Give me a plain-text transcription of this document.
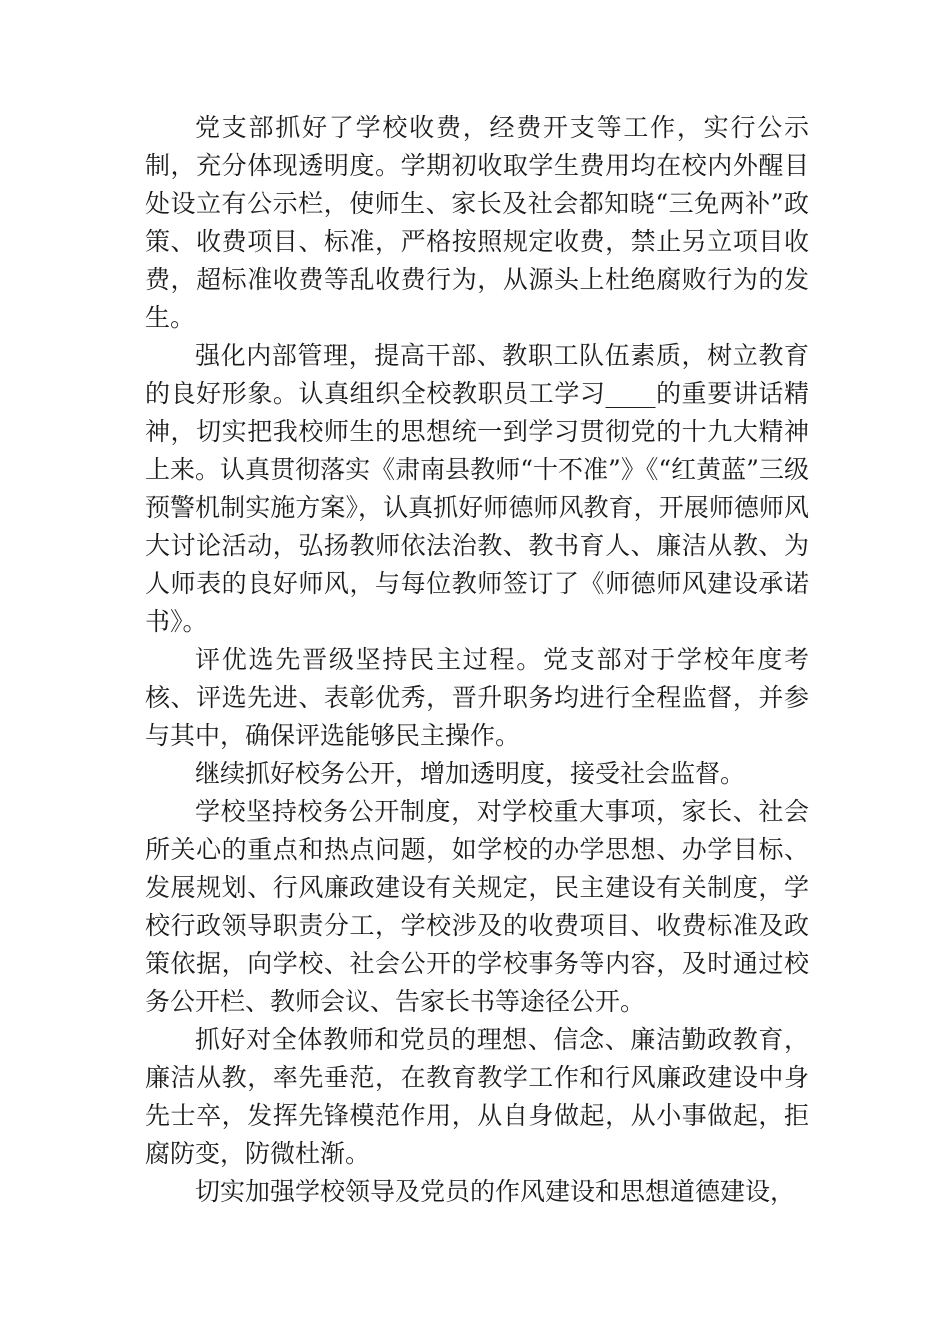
党支部抓好了学校收费，经费开支等工作，实行公示制，充分体现透明度。学期初收取学生费用均在校内外醒目处设立有公示栏，使师生、家长及社会都知晓“三免两补”政策、收费项目、标准，严格按照规定收费，禁止另立项目收费，超标准收费等乱收费行为，从源头上杜绝腐败行为的发生。

强化内部管理，提高干部、教职工队伍素质，树立教育的良好形象。认真组织全校教职员工学习____的重要讲话精神，切实把我校师生的思想统一到学习贯彻党的十九大精神上来。认真贯彻落实《肃南县教师“十不准”》《“红黄蓝”三级预警机制实施方案》，认真抓好师德师风教育，开展师德师风大讨论活动，弘扬教师依法治教、教书育人、廉洁从教、为人师表的良好师风，与每位教师签订了《师德师风建设承诺书》。

评优选先晋级坚持民主过程。党支部对于学校年度考核、评选先进、表彰优秀，晋升职务均进行全程监督，并参与其中，确保评选能够民主操作。

继续抓好校务公开，增加透明度，接受社会监督。

学校坚持校务公开制度，对学校重大事项，家长、社会所关心的重点和热点问题，如学校的办学思想、办学目标、发展规划、行风廉政建设有关规定，民主建设有关制度，学校行政领导职责分工，学校涉及的收费项目、收费标准及政策依据，向学校、社会公开的学校事务等内容，及时通过校务公开栏、教师会议、告家长书等途径公开。

抓好对全体教师和党员的理想、信念、廉洁勤政教育，廉洁从教，率先垂范，在教育教学工作和行风廉政建设中身先士卒，发挥先锋模范作用，从自身做起，从小事做起，拒腐防变，防微杜渐。

切实加强学校领导及党员的作风建设和思想道德建设，
